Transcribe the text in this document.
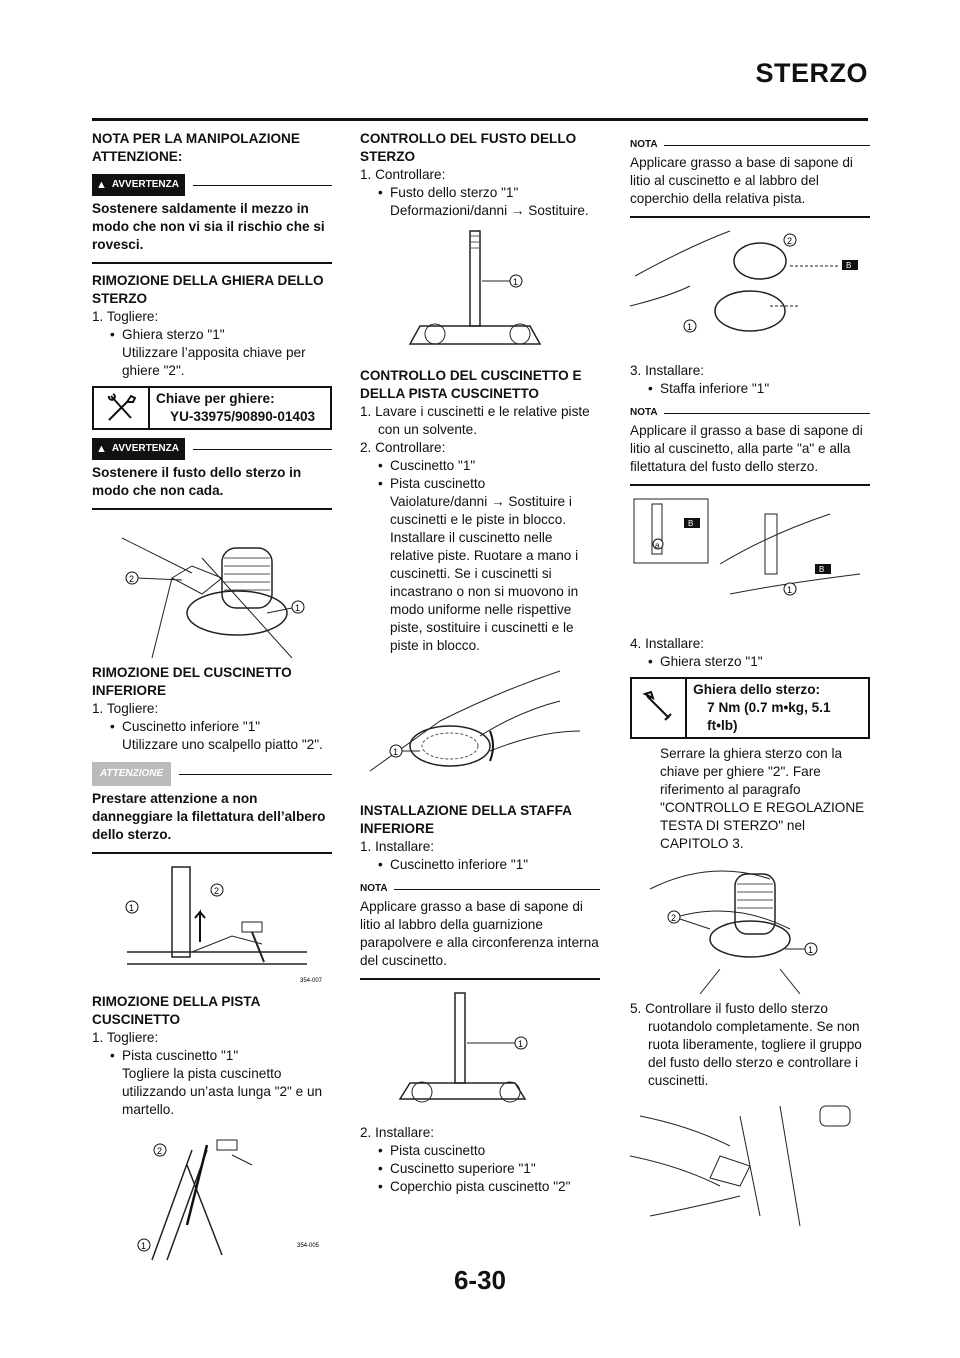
STERZO

NOTA PER LA MANIPOLAZIONE ATTENZIONE:

▲ AVVERTENZA

Sostenere saldamente il mezzo in modo che non vi sia il rischio che si rovesci.

RIMOZIONE DELLA GHIERA DELLO STERZO

1. Togliere:

• Ghiera sterzo "1"

Utilizzare l’apposita chiave per ghiere "2".

Chiave per ghiere:
YU-33975/90890-01403
▲ AVVERTENZA

Sostenere il fusto dello sterzo in modo che non cada.

2
1

RIMOZIONE DEL CUSCINETTO INFERIORE

1. Togliere:

• Cuscinetto inferiore "1"

Utilizzare uno scalpello piatto "2".

ATTENZIONE

Prestare attenzione a non danneggiare la filettatura dell’albero dello sterzo.

1
2
354-007

RIMOZIONE DELLA PISTA CUSCINETTO

1. Togliere:

• Pista cuscinetto "1"

Togliere la pista cuscinetto utilizzando un’asta lunga "2" e un martello.

2
1	354-005

CONTROLLO DEL FUSTO DELLO STERZO

1. Controllare:

• Fusto dello sterzo "1"

Deformazioni/danni → Sostituire.

1

CONTROLLO DEL CUSCINETTO E DELLA PISTA CUSCINETTO

1. Lavare i cuscinetti e le relative piste con un solvente.

2. Controllare:

• Cuscinetto "1"

• Pista cuscinetto

Vaiolature/danni → Sostituire i cuscinetti e le piste in blocco. Installare il cuscinetto nelle relative piste. Ruotare a mano i cuscinetti. Se i cuscinetti si incastrano o non si muovono in modo uniforme nelle rispettive piste, sostituire i cuscinetti e le piste in blocco.

1

INSTALLAZIONE DELLA STAFFA INFERIORE

1. Installare:

• Cuscinetto inferiore "1"

NOTA

Applicare grasso a base di sapone di litio al labbro della guarnizione parapolvere e alla circonferenza interna del cuscinetto.

1

2. Installare:

• Pista cuscinetto

• Cuscinetto superiore "1"

• Coperchio pista cuscinetto "2"

NOTA

Applicare grasso a base di sapone di litio al cuscinetto e al labbro del coperchio della relativa pista.

B
2
1

3. Installare:

• Staffa inferiore "1"

NOTA

Applicare il grasso a base di sapone di litio al cuscinetto, alla parte "a" e alla filettatura del fusto dello sterzo.

B
a
B
1

4. Installare:

• Ghiera sterzo "1"

Ghiera dello sterzo:
7 Nm (0.7 m•kg, 5.1 ft•lb)

Serrare la ghiera sterzo con la chiave per ghiere "2". Fare riferimento al paragrafo "CONTROLLO E REGOLAZIONE TESTA DI STERZO" nel CAPITOLO 3.

2
1

5. Controllare il fusto dello sterzo ruotandolo completamente. Se non ruota liberamente, togliere il gruppo del fusto dello sterzo e controllare i cuscinetti.

6-30
